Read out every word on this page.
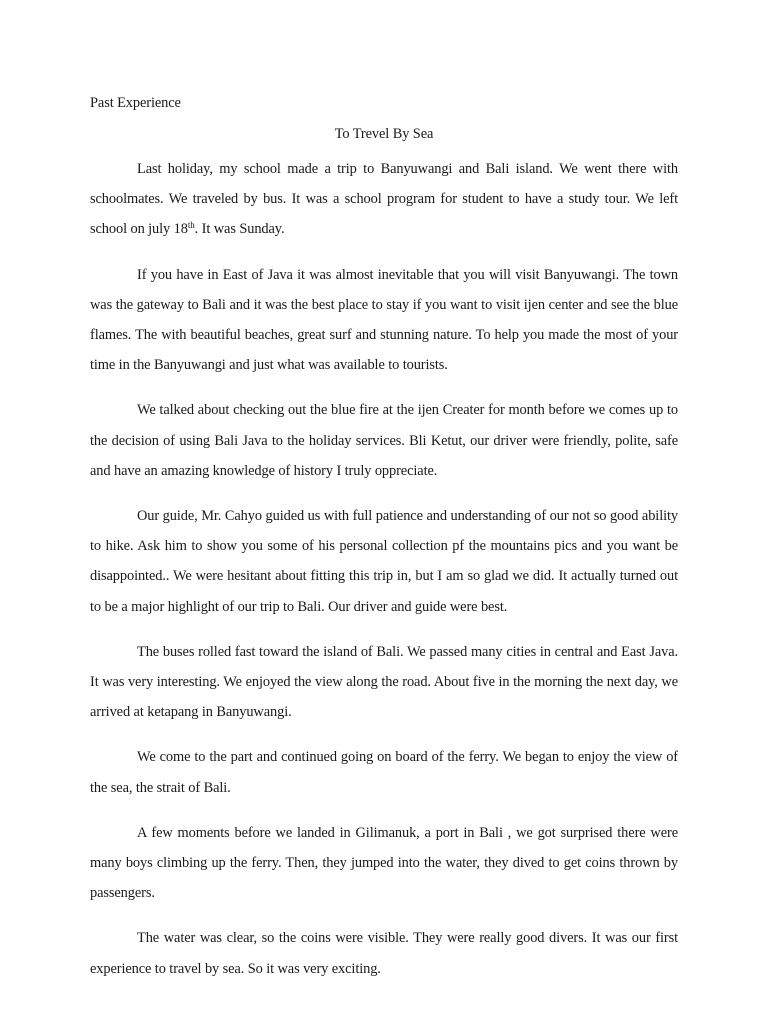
Past Experience

To Trevel By Sea

Last holiday, my school made a trip to Banyuwangi and Bali island. We went there with schoolmates. We traveled by bus. It was a school program for student to have a study tour. We left school on july 18th. It was Sunday.

If you have in East of Java it was almost inevitable that you will visit Banyuwangi. The town was the gateway to Bali and it was the best place to stay if you want to visit ijen center and see the blue flames. The with beautiful beaches, great surf and stunning nature. To help you made the most of your time in the Banyuwangi and just what was available to tourists.

We talked about checking out the blue fire at the ijen Creater for month before we comes up to the decision of using Bali Java to the holiday services. Bli Ketut, our driver were friendly, polite, safe and have an amazing knowledge of history I truly oppreciate.

Our guide, Mr. Cahyo guided us with full patience and understanding of our not so good ability to hike. Ask him to show you some of his personal collection pf the mountains pics and you want be disappointed.. We were hesitant about fitting this trip in, but I am so glad we did. It actually turned out to be a major highlight of our trip to Bali. Our driver and guide were best.

The buses rolled fast toward the island of Bali. We passed many cities in central and East Java. It was very interesting. We enjoyed the view along the road. About five in the morning the next day, we arrived at ketapang in Banyuwangi.

We come to the part and continued going on board of the ferry. We began to enjoy the view of the sea, the strait of Bali.

A few moments before we landed in Gilimanuk, a port in Bali , we got surprised there were many boys climbing up the ferry. Then, they jumped into the water, they dived to get coins thrown by passengers.

The water was clear, so the coins were visible. They were really good divers. It was our first experience to travel by sea. So it was very exciting.
